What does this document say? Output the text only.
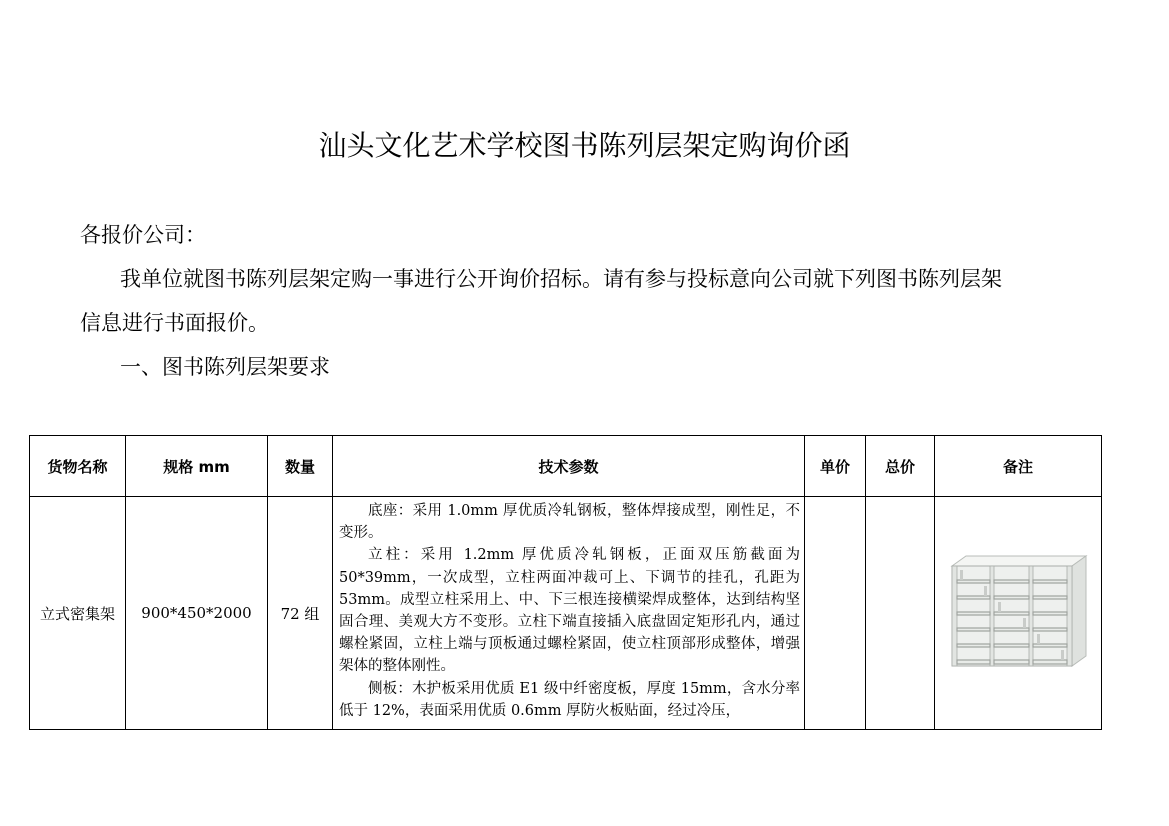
汕头文化艺术学校图书陈列层架定购询价函
各报价公司：
我单位就图书陈列层架定购一事进行公开询价招标。请有参与投标意向公司就下列图书陈列层架
信息进行书面报价。
一、图书陈列层架要求
货物名称	规格 mm	数量	技术参数	单价	总价	备注
立式密集架	900*450*2000	72 组	底座：采用 1.0mm 厚优质冷轧钢板，整体焊接成型，刚性足，不变形。

立柱：采用 1.2mm 厚优质冷轧钢板，正面双压筋截面为 50*39mm，一次成型，立柱两面冲裁可上、下调节的挂孔，孔距为 53mm。成型立柱采用上、中、下三根连接横梁焊成整体，达到结构坚固合理、美观大方不变形。立柱下端直接插入底盘固定矩形孔内，通过螺栓紧固，立柱上端与顶板通过螺栓紧固，使立柱顶部形成整体，增强架体的整体刚性。

侧板：木护板采用优质 E1 级中纤密度板，厚度 15mm，含水分率低于 12%，表面采用优质 0.6mm 厚防火板贴面，经过冷压，
